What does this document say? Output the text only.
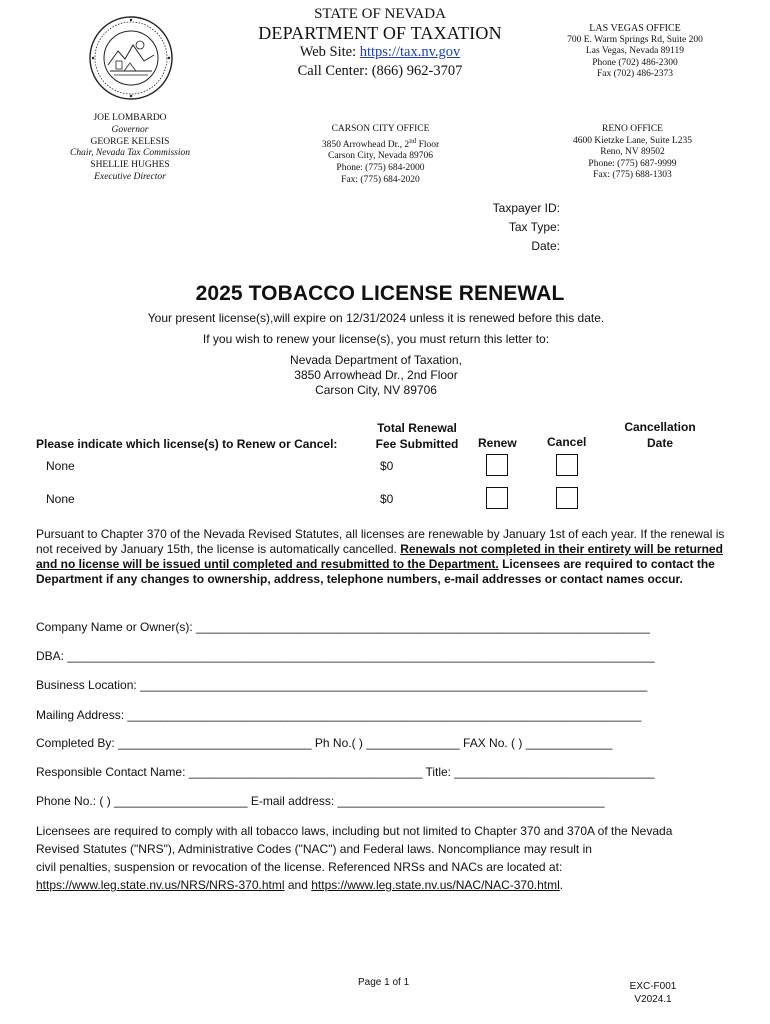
STATE OF NEVADA
DEPARTMENT OF TAXATION
Web Site: https://tax.nv.gov
Call Center: (866) 962-3707
LAS VEGAS OFFICE
700 E. Warm Springs Rd, Suite 200
Las Vegas, Nevada 89119
Phone (702) 486-2300
Fax (702) 486-2373
JOE LOMBARDO
Governor
GEORGE KELESIS
Chair, Nevada Tax Commission
SHELLIE HUGHES
Executive Director
CARSON CITY OFFICE
3850 Arrowhead Dr., 2nd Floor
Carson City, Nevada 89706
Phone: (775) 684-2000
Fax: (775) 684-2020
RENO OFFICE
4600 Kietzke Lane, Suite L235
Reno, NV 89502
Phone: (775) 687-9999
Fax: (775) 688-1303
Taxpayer ID:
Tax Type:
Date:
2025 TOBACCO LICENSE RENEWAL
Your present license(s),will expire on 12/31/2024 unless it is renewed before this date.
If you wish to renew your license(s), you must return this letter to:
Nevada Department of Taxation,
3850 Arrowhead Dr., 2nd Floor
Carson City, NV 89706
Please indicate which license(s) to Renew or Cancel:
Total Renewal
Fee Submitted	Renew	Cancel
Cancellation
Date
None	$0
None	$0
Pursuant to Chapter 370 of the Nevada Revised Statutes, all licenses are renewable by January 1st of each year. If the renewal is not received by January 15th, the license is automatically cancelled. Renewals not completed in their entirety will be returned and no license will be issued until completed and resubmitted to the Department. Licensees are required to contact the Department if any changes to ownership, address, telephone numbers, e-mail addresses or contact names occur.
Company Name or Owner(s): ____________________________________________________________________
DBA: ________________________________________________________________________________________
Business Location: ____________________________________________________________________________
Mailing Address: _____________________________________________________________________________
Completed By: _____________________________ Ph No.( ) ______________ FAX No. ( ) _____________
Responsible Contact Name: ___________________________________ Title: ______________________________
Phone No.: ( ) ____________________ E-mail address: ________________________________________
Licensees are required to comply with all tobacco laws, including but not limited to Chapter 370 and 370A of the Nevada
Revised Statutes ("NRS"), Administrative Codes ("NAC") and Federal laws. Noncompliance may result in
civil penalties, suspension or revocation of the license. Referenced NRSs and NACs are located at:
https://www.leg.state.nv.us/NRS/NRS-370.html and https://www.leg.state.nv.us/NAC/NAC-370.html.
Page 1 of 1	EXC-F001
V2024.1
